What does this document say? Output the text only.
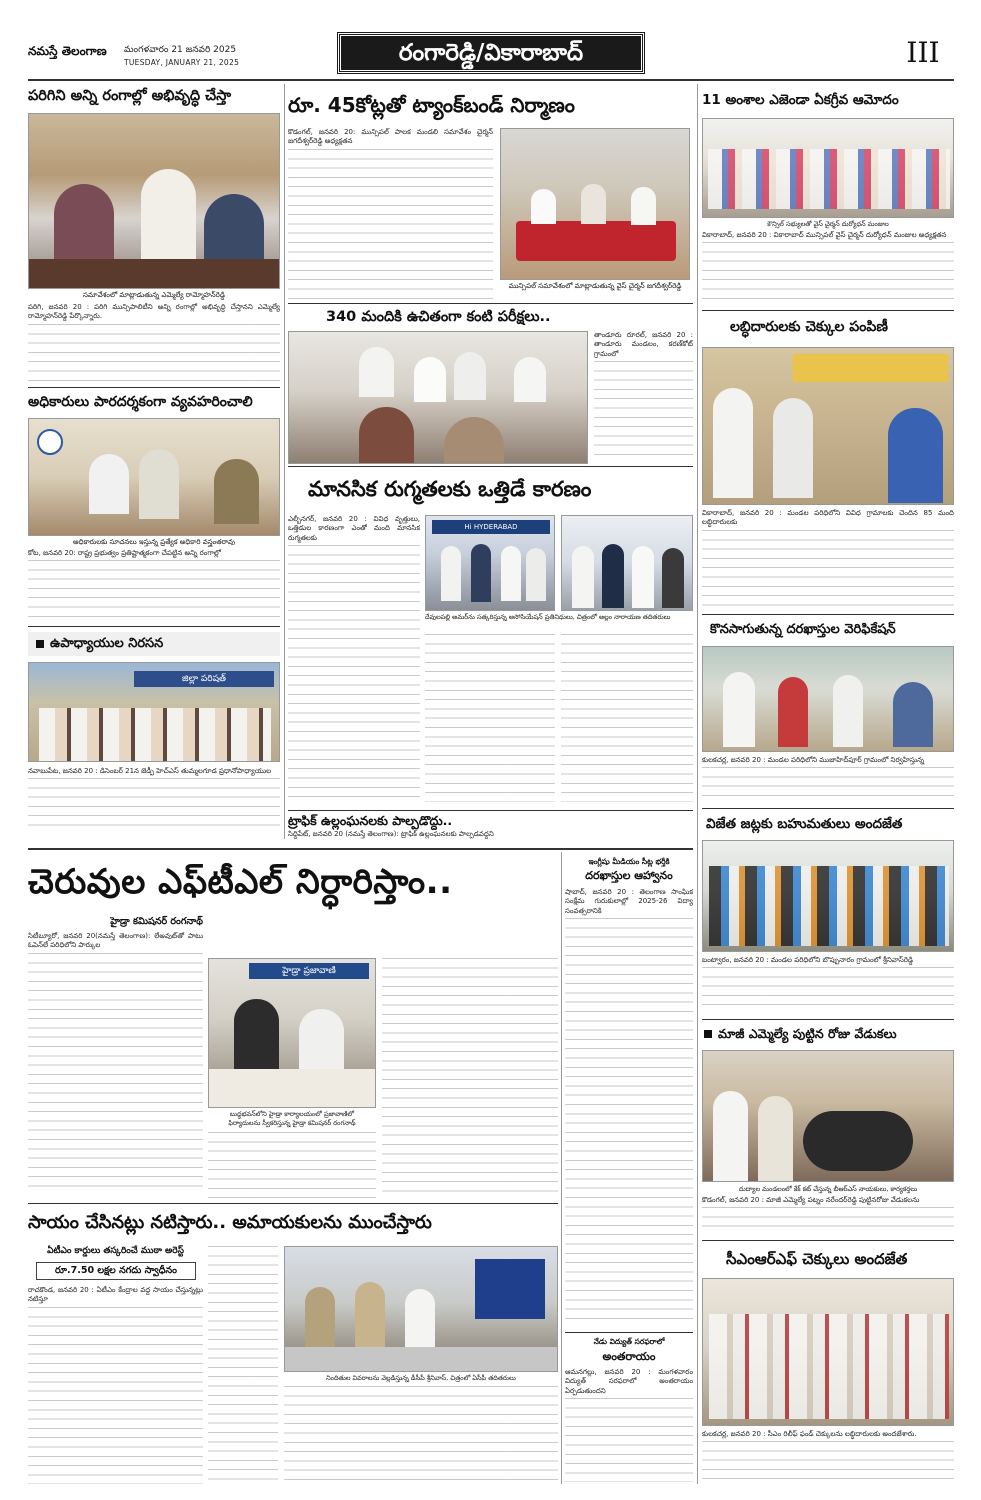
నమస్తే తెలంగాణ	మంగళవారం 21 జనవరి 2025
TUESDAY, JANUARY 21, 2025	రంగారెడ్డి/వికారాబాద్	III
పరిగిని అన్ని రంగాల్లో అభివృద్ధి చేస్తా
సమావేశంలో మాట్లాడుతున్న ఎమ్మెల్యే రామ్మోహన్‌రెడ్డి
పరిగి, జనవరి 20 : పరిగి మున్సిపాలిటీని అన్ని రంగాల్లో అభివృద్ధి చేస్తానని ఎమ్మెల్యే రామ్మోహన్‌రెడ్డి పేర్కొన్నారు.
అధికారులు పారదర్శకంగా వ్యవహరించాలి
అధికారులకు సూచనలు ఇస్తున్న ప్రత్యేక అధికారి వస్త్రంతరావు
కోట, జనవరి 20: రాష్ట్ర ప్రభుత్వం ప్రతిష్టాత్మకంగా చేపట్టిన అన్ని రంగాల్లో
ఉపాధ్యాయుల నిరసన
జిల్లా పరిషత్
నవాబుపేట, జనవరి 20 : డిసెంబర్ 21న జెడ్పీ హెచ్‌ఎస్ తుమ్మలగూడ ప్రధానోపాధ్యాయుల
రూ. 45కోట్లతో ట్యాంక్‌బండ్ నిర్మాణం
కొడంగల్, జనవరి 20: మున్సిపల్ పాలక మండలి సమావేశం చైర్మన్ జగదీశ్వర్‌రెడ్డి అధ్యక్షతన
మున్సిపల్ సమావేశంలో మాట్లాడుతున్న వైస్‌ చైర్మన్ జగదీశ్వర్‌రెడ్డి
340 మందికి ఉచితంగా కంటి పరీక్షలు..
తాండూరు రూరల్, జనవరి 20 : తాండూరు మండలం, కరణ్‌కోట్ గ్రామంలో
మానసిక రుగ్మతలకు ఒత్తిడే కారణం
ఎల్బీనగర్, జనవరి 20 : వివిధ వృత్తులు, ఒత్తిడుల కారణంగా ఎంతో మంది మానసిక రుగ్మతలకు
Hi HYDERABAD
దేవులపల్లి అమర్‌ను సత్కరిస్తున్న అసోసియేషన్ ప్రతినిధులు, చిత్రంలో అల్లం నారాయణ తదితరులు
ట్రాఫిక్ ఉల్లంఘనలకు పాల్పడొద్దు..
సిద్దిపేట్, జనవరి 20 (నమస్తే తెలంగాణ): ట్రాఫిక్ ఉల్లంఘనలకు పాల్పడవద్దని
11 అంశాల ఎజెండా ఏకగ్రీవ ఆమోదం
కౌన్సిల్ సభ్యులతో వైస్ చైర్మన్ దుర్యోధన్ మంజుల
వికారాబాద్, జనవరి 20 : వికారాబాద్ మున్సిపల్ వైస్ చైర్మన్ దుర్యోధన్ మంజుల అధ్యక్షతన
లబ్ధిదారులకు చెక్కుల పంపిణీ
వికారాబాద్, జనవరి 20 : మండల పరిధిలోని వివిధ గ్రామాలకు చెందిన 85 మంది లబ్ధిదారులకు
కొనసాగుతున్న దరఖాస్తుల వెరిఫికేషన్
కులకచర్ల, జనవరి 20 : మండల పరిధిలోని ముజాహిద్‌పూర్ గ్రామంలో నిర్వహిస్తున్న
విజేత జట్లకు బహుమతులు అందజేత
బంట్వారం, జనవరి 20 : మండల పరిధిలోని బొప్పునారం గ్రామంలో శ్రీనివాస్‌రెడ్డి
మాజీ ఎమ్మెల్యే పుట్టిన రోజు వేడుకలు
దుద్యాల మండలంలో కేక్ కట్ చేస్తున్న బీఆర్‌ఎస్ నాయకులు, కార్యకర్తలు
కొడంగల్, జనవరి 20 : మాజీ ఎమ్మెల్యే పట్నం నరేందర్‌రెడ్డి పుట్టినరోజు వేడుకలను
సీఎంఆర్‌ఎఫ్ చెక్కులు అందజేత
కులకచర్ల, జనవరి 20 : సీఎం రిలీఫ్ ఫండ్ చెక్కులను లబ్ధిదారులకు అందజేశారు.
చెరువుల ఎఫ్‌టీఎల్ నిర్ధారిస్తాం..
హైడ్రా కమిషనర్ రంగనాథ్
సిటీబ్యూరో, జనవరి 20(నమస్తే తెలంగాణ): లేఅవుట్‌తో పాటు ఓపెన్‌లే పరిధిలోని పార్కుల
హైడ్రా ప్రజావాణి
బుద్ధభవన్‌లోని హైడ్రా కార్యాలయంలో ప్రజావాణిలో
ఫిర్యాదులను స్వీకరిస్తున్న హైడ్రా కమిషనర్ రంగనాథ్
ఇంగ్లీషు మీడియం సీట్ల భర్తీకి
దరఖాస్తుల ఆహ్వానం
షాబాద్, జనవరి 20 : తెలంగాణ సాంఘిక సంక్షేమ గురుకులాల్లో 2025-26 విద్యా సంవత్సరానికి
నేడు విద్యుత్ సరఫరాలో
అంతరాయం
ఆమనగల్లు, జనవరి 20 : మంగళవారం విద్యుత్ సరఫరాలో అంతరాయం ఏర్పడుతుందని
సాయం చేసినట్లు నటిస్తారు.. అమాయకులను ముంచేస్తారు
ఏటీఎం కార్డులు తస్కరించే ముఠా అరెస్ట్
రూ.7.50 లక్షల నగదు స్వాధీనం
రాచకొండ, జనవరి 20 : ఏటీఎం కేంద్రాల వద్ద సాయం చేస్తున్నట్లు నటిస్తూ
నిందితుల వివరాలను వెల్లడిస్తున్న డీసీపీ శ్రీనివాస్, చిత్రంలో ఏసీపీ తదితరులు
